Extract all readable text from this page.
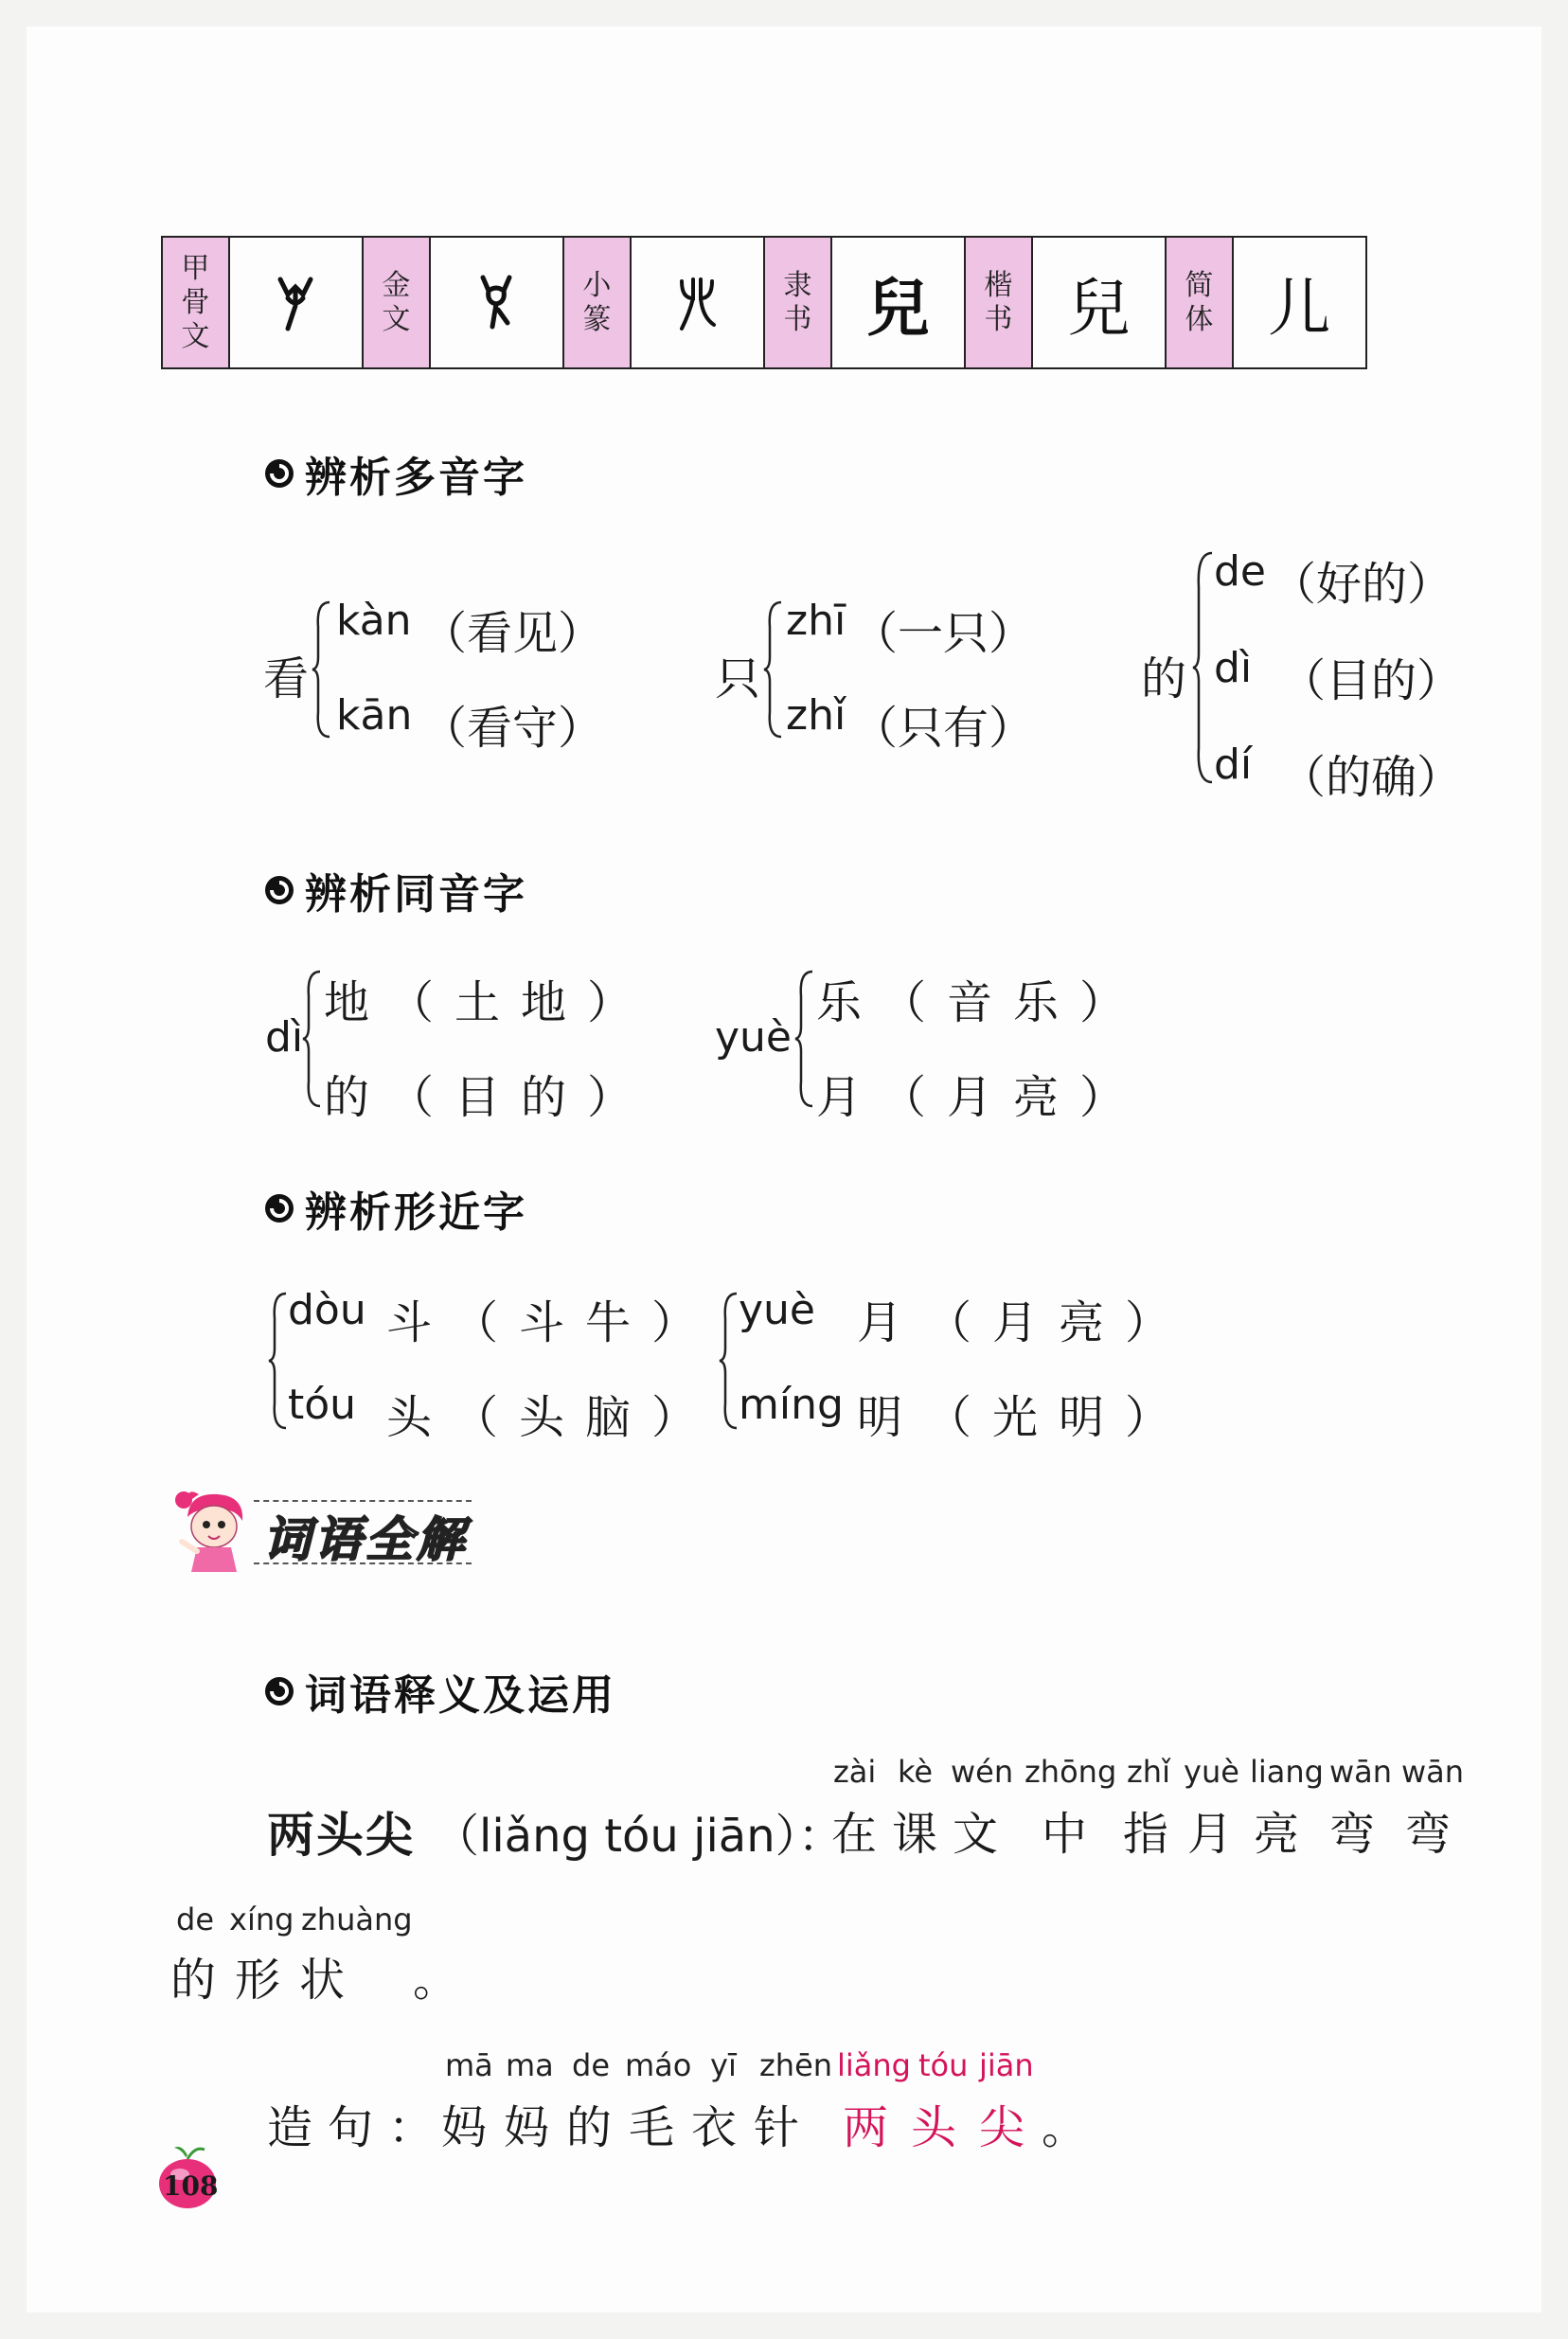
甲
骨
文
金
文
小
篆
隶
书 兒 楷
书 兒 简
体 儿
辨析多音字
看
kàn （看见）
kān （看守）
只
zhī （一只）
zhǐ （只有）
的
de （好的）
dì （目的）
dí （的确）
辨析同音字
dì
地 （土地）
的 （目的）
yuè
乐 （音乐）
月 （月亮）
辨析形近字
dòu 斗 （斗牛）
tóu 头 （头脑）
yuè 月 （月亮）
míng 明 （光明）
词语全解
词语释义及运用
zài kè wén zhōng zhǐ yuè liang wān wān
两头尖 （liǎng tóu jiān）：
在 课 文 中 指 月 亮 弯 弯
de xíng zhuàng
的形状 。
mā ma de máo yī zhēn liǎng tóu jiān
造句：
妈妈的毛衣针 两头尖
。
108
